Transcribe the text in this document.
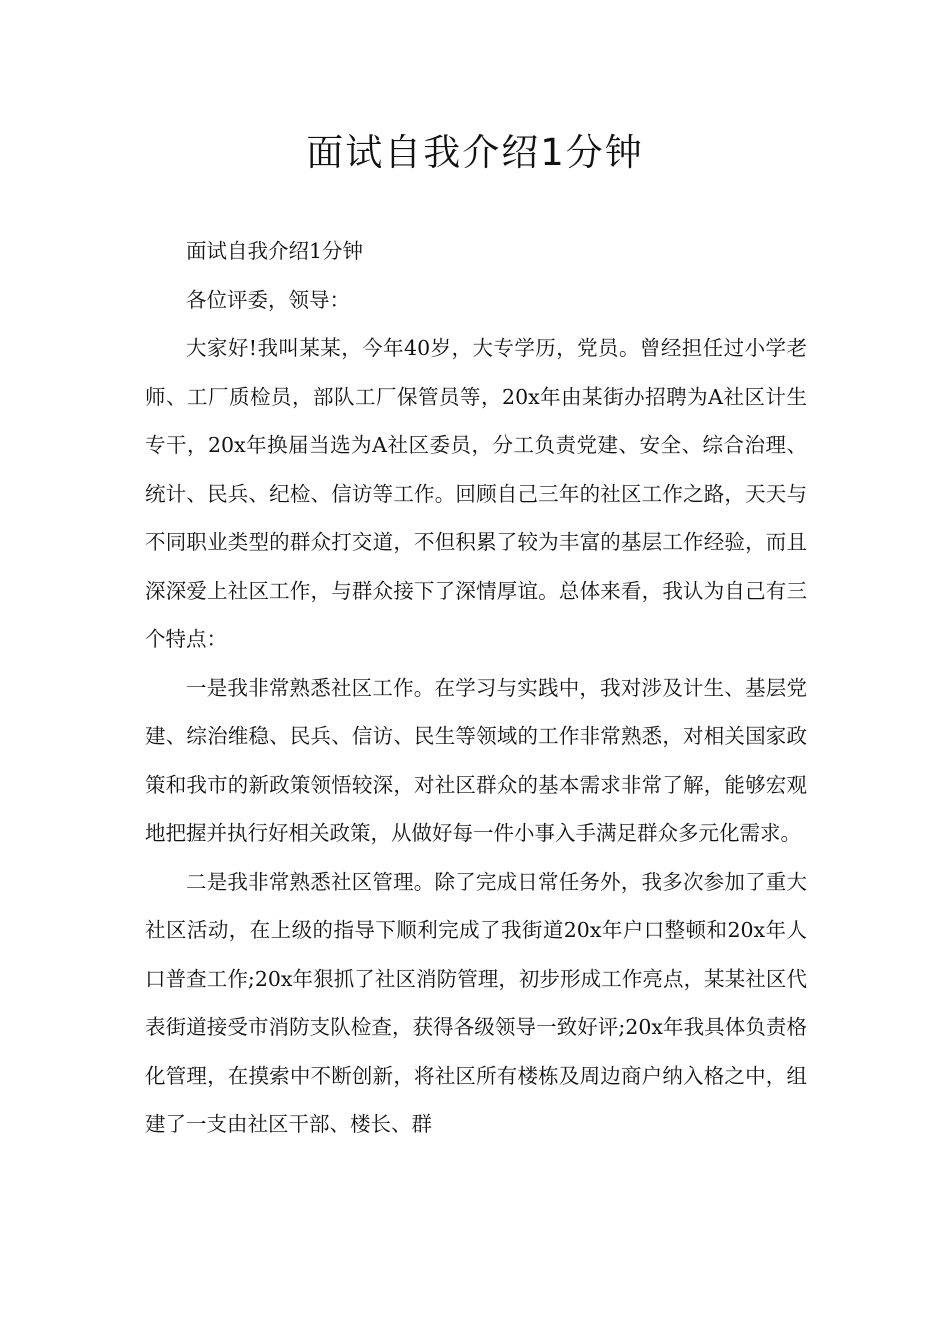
面试自我介绍1分钟

面试自我介绍1分钟

各位评委，领导：

大家好!我叫某某，今年40岁，大专学历，党员。曾经担任过小学老师、工厂质检员，部队工厂保管员等，20x年由某街办招聘为A社区计生专干，20x年换届当选为A社区委员，分工负责党建、安全、综合治理、统计、民兵、纪检、信访等工作。回顾自己三年的社区工作之路，天天与不同职业类型的群众打交道，不但积累了较为丰富的基层工作经验，而且深深爱上社区工作，与群众接下了深情厚谊。总体来看，我认为自己有三个特点：

一是我非常熟悉社区工作。在学习与实践中，我对涉及计生、基层党建、综治维稳、民兵、信访、民生等领域的工作非常熟悉，对相关国家政策和我市的新政策领悟较深，对社区群众的基本需求非常了解，能够宏观地把握并执行好相关政策，从做好每一件小事入手满足群众多元化需求。

二是我非常熟悉社区管理。除了完成日常任务外，我多次参加了重大社区活动，在上级的指导下顺利完成了我街道20x年户口整顿和20x年人口普查工作;20x年狠抓了社区消防管理，初步形成工作亮点，某某社区代表街道接受市消防支队检查，获得各级领导一致好评;20x年我具体负责格化管理，在摸索中不断创新，将社区所有楼栋及周边商户纳入格之中，组建了一支由社区干部、楼长、群
